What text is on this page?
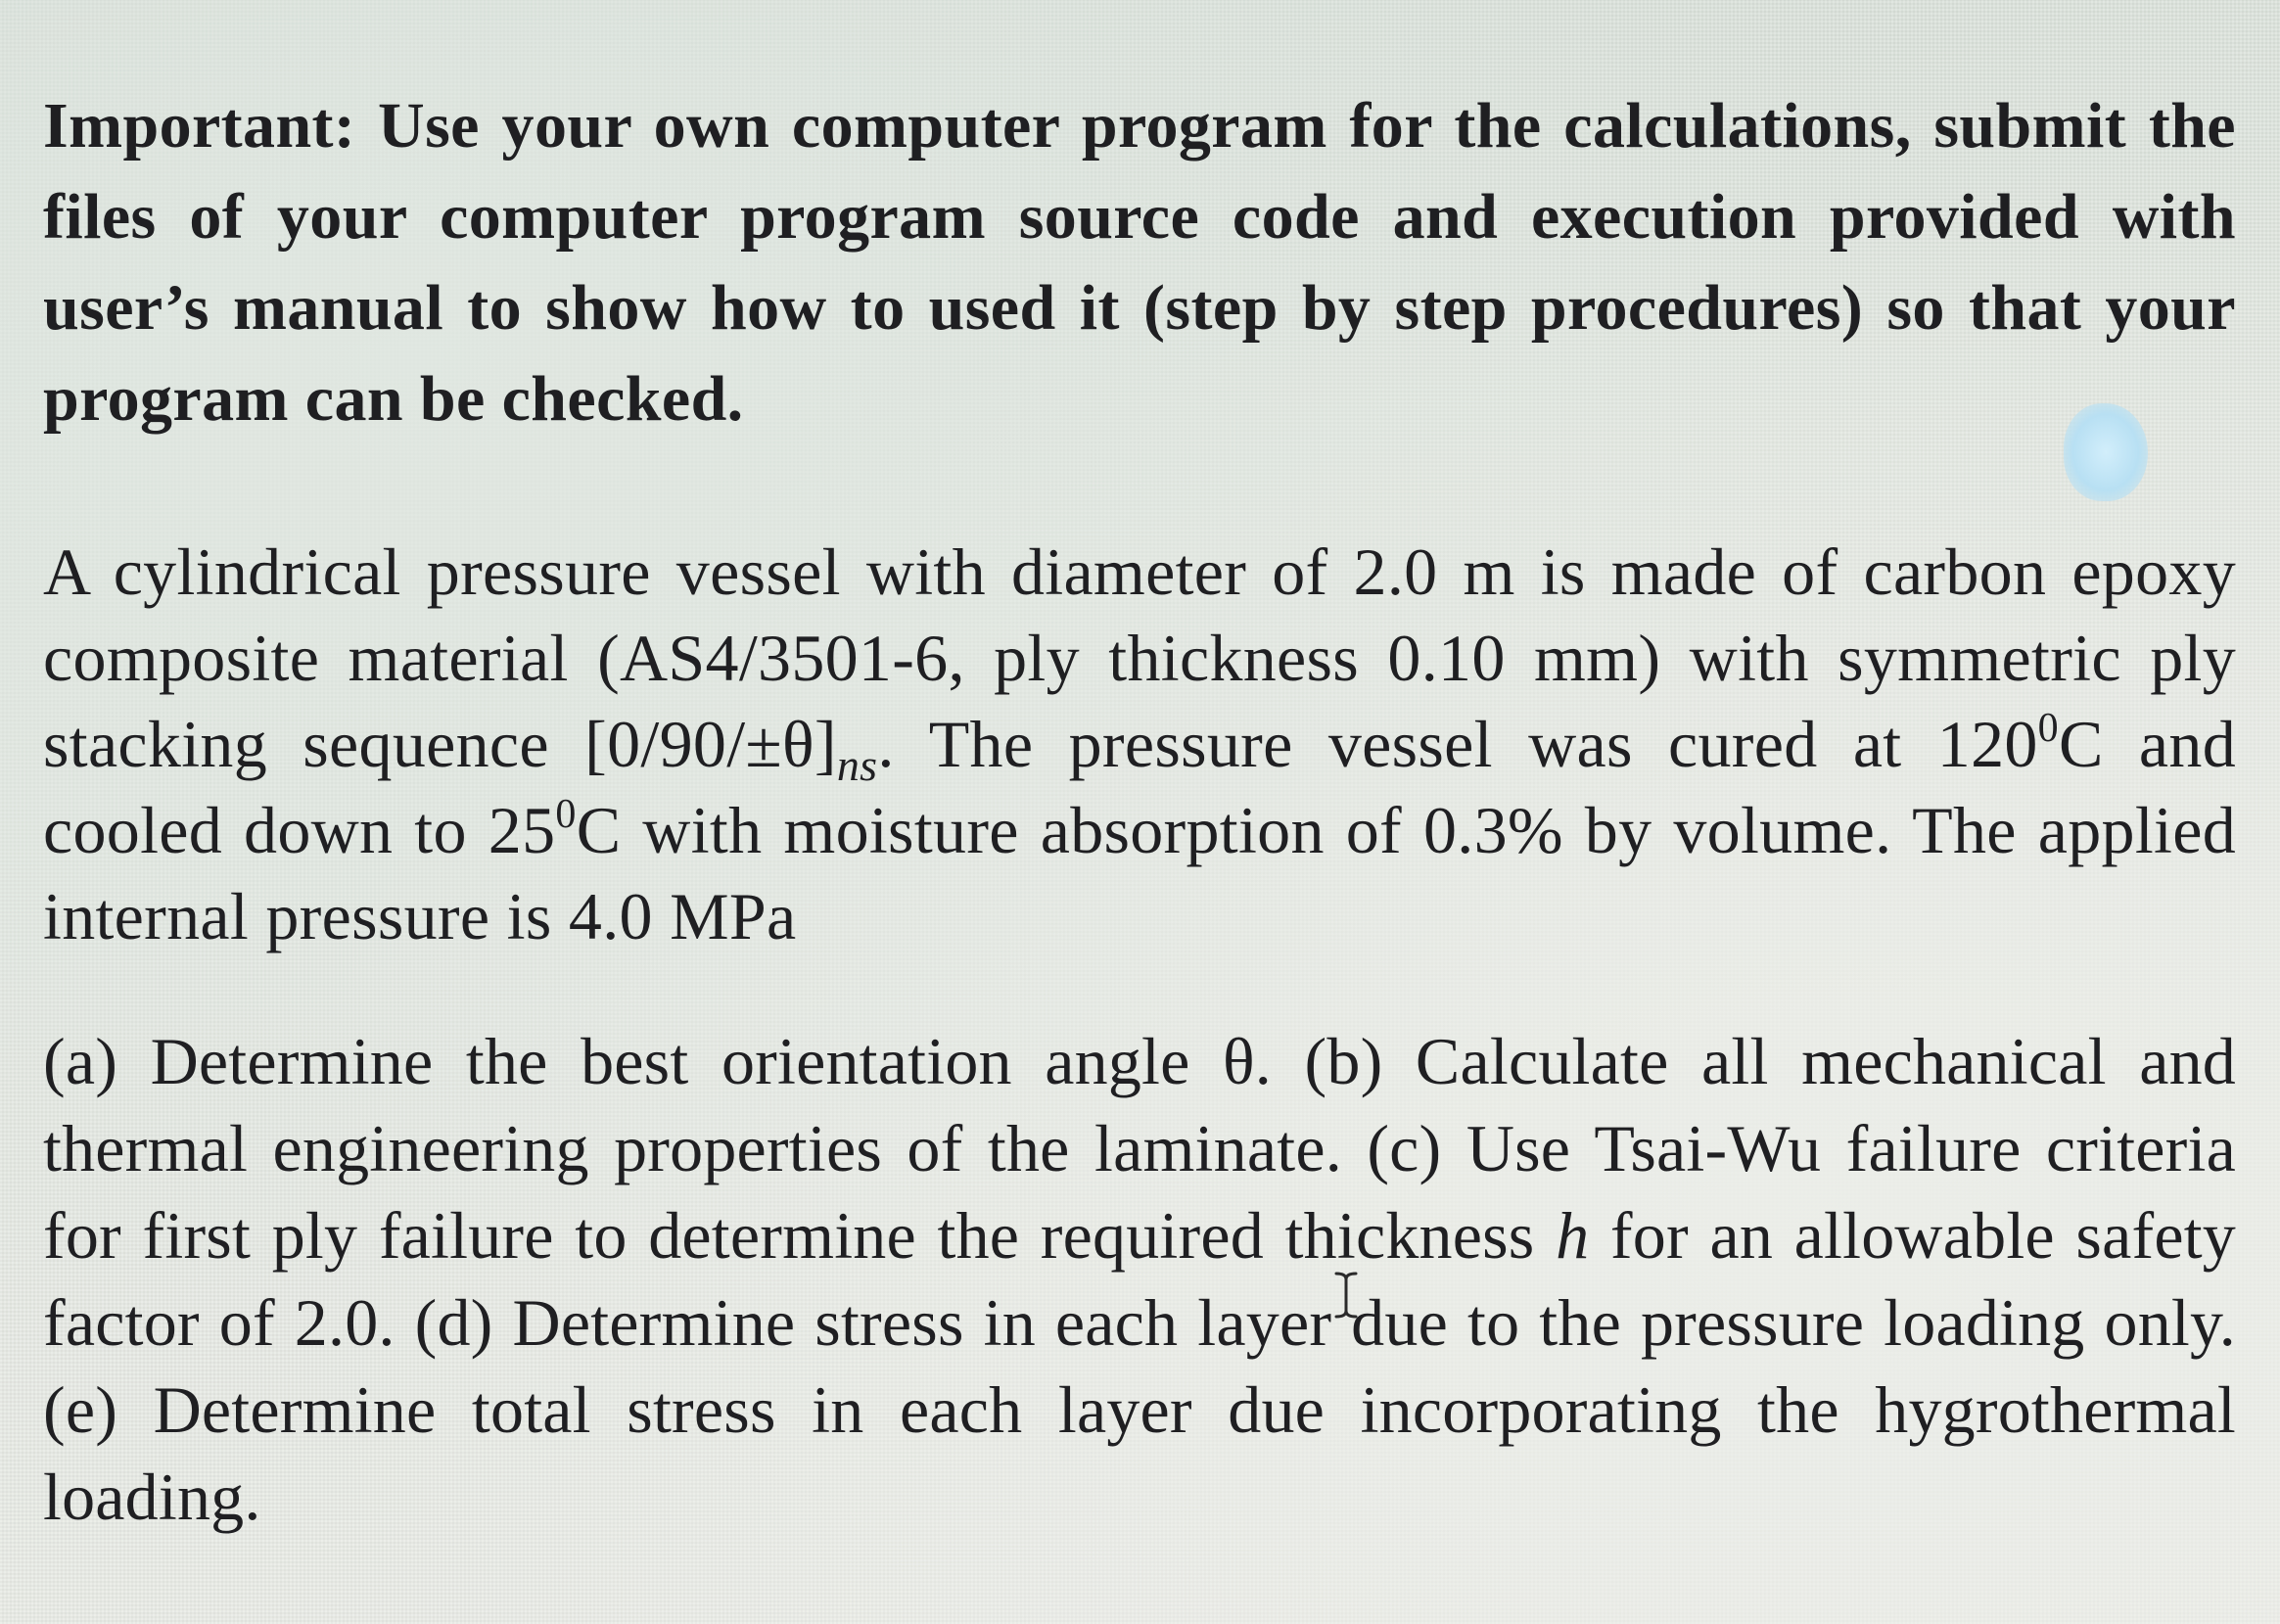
Important: Use your own computer program for the calculations, submit the files of your computer program source code and execution provided with user’s manual to show how to used it (step by step procedures) so that your program can be checked.

A cylindrical pressure vessel with diameter of 2.0 m is made of carbon epoxy composite material (AS4/3501-6, ply thickness 0.10 mm) with symmetric ply stacking sequence $[0/90/\pm\theta]_{ns}$. The pressure vessel was cured at $120^0C$ and cooled down to $25^0C$ with moisture absorption of 0.3% by volume. The applied internal pressure is 4.0 MPa

(a) Determine the best orientation angle θ. (b) Calculate all mechanical and thermal engineering properties of the laminate. (c) Use Tsai-Wu failure criteria for first ply failure to determine the required thickness h for an allowable safety factor of 2.0. (d) Determine stress in each layer due to the pressure loading only. (e) Determine total stress in each layer due incorporating the hygrothermal loading.
